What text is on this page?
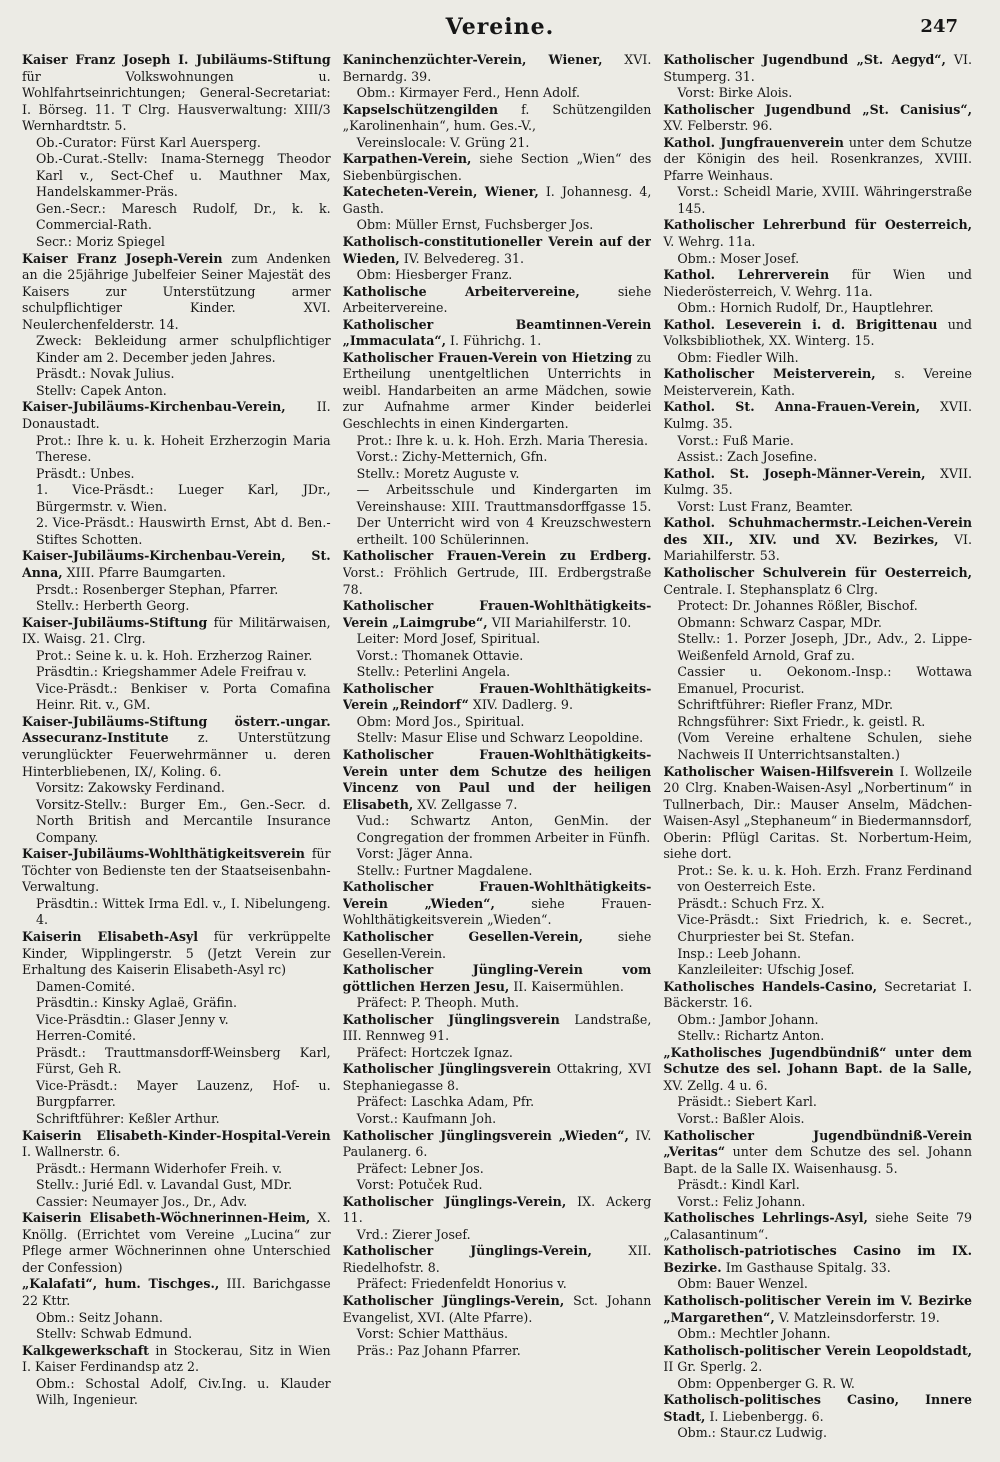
Vereine.	247
Kaiser Franz Joseph I. Jubiläums-Stiftung für Volkswohnungen u. Wohlfahrtseinrichtungen; General-Secretariat: I. Börseg. 11. T Clrg. Hausverwaltung: XIII/3 Wernhardtstr. 5.
Ob.-Curator: Fürst Karl Auersperg.
Ob.-Curat.-Stellv: Inama-Sternegg Theodor Karl v., Sect-Chef u. Mauthner Max, Handelskammer-Präs.
Gen.-Secr.: Maresch Rudolf, Dr., k. k. Commercial-Rath.
Secr.: Moriz Spiegel
Kaiser Franz Joseph-Verein zum Andenken an die 25jährige Jubelfeier Seiner Majestät des Kaisers zur Unterstützung armer schulpflichtiger Kinder. XVI. Neulerchenfelderstr. 14.
Zweck: Bekleidung armer schulpflichtiger Kinder am 2. December jeden Jahres.
Präsdt.: Novak Julius.
Stellv: Capek Anton.
Kaiser-Jubiläums-Kirchenbau-Verein, II. Donaustadt.
Prot.: Ihre k. u. k. Hoheit Erzherzogin Maria Therese.
Präsdt.: Unbes.
1. Vice-Präsdt.: Lueger Karl, JDr., Bürgermstr. v. Wien.
2. Vice-Präsdt.: Hauswirth Ernst, Abt d. Ben.-Stiftes Schotten.
Kaiser-Jubiläums-Kirchenbau-Verein, St. Anna, XIII. Pfarre Baumgarten.
Prsdt.: Rosenberger Stephan, Pfarrer.
Stellv.: Herberth Georg.
Kaiser-Jubiläums-Stiftung für Militärwaisen, IX. Waisg. 21. Clrg.
Prot.: Seine k. u. k. Hoh. Erzherzog Rainer.
Präsdtin.: Kriegshammer Adele Freifrau v.
Vice-Präsdt.: Benkiser v. Porta Comafina Heinr. Rit. v., GM.
Kaiser-Jubiläums-Stiftung österr.-ungar. Assecuranz-Institute z. Unterstützung verunglückter Feuerwehrmänner u. deren Hinterbliebenen, IX/, Koling. 6.
Vorsitz: Zakowsky Ferdinand.
Vorsitz-Stellv.: Burger Em., Gen.-Secr. d. North British and Mercantile Insurance Company.
Kaiser-Jubiläums-Wohlthätigkeitsverein für Töchter von Bedienste ten der Staatseisenbahn-Verwaltung.
Präsdtin.: Wittek Irma Edl. v., I. Nibelungeng. 4.
Kaiserin Elisabeth-Asyl für verkrüppelte Kinder, Wipplingerstr. 5 (Jetzt Verein zur Erhaltung des Kaiserin Elisabeth-Asyl rc)
Damen-Comité.
Präsdtin.: Kinsky Aglaë, Gräfin.
Vice-Präsdtin.: Glaser Jenny v.
Herren-Comité.
Präsdt.: Trauttmansdorff-Weinsberg Karl, Fürst, Geh R.
Vice-Präsdt.: Mayer Lauzenz, Hof- u. Burgpfarrer.
Schriftführer: Keßler Arthur.
Kaiserin Elisabeth-Kinder-Hospital-Verein I. Wallnerstr. 6.
Präsdt.: Hermann Widerhofer Freih. v.
Stellv.: Jurié Edl. v. Lavandal Gust, MDr.
Cassier: Neumayer Jos., Dr., Adv.
Kaiserin Elisabeth-Wöchnerinnen-Heim, X. Knöllg. (Errichtet vom Vereine „Lucina“ zur Pflege armer Wöchnerinnen ohne Unterschied der Confession)
„Kalafati“, hum. Tischges., III. Barichgasse 22 Kttr.
Obm.: Seitz Johann.
Stellv: Schwab Edmund.
Kalkgewerkschaft in Stockerau, Sitz in Wien I. Kaiser Ferdinandsp atz 2.
Obm.: Schostal Adolf, Civ.Ing. u. Klauder Wilh, Ingenieur.
Kaninchenzüchter-Verein, Wiener, XVI. Bernardg. 39.
Obm.: Kirmayer Ferd., Henn Adolf.
Kapselschützengilden f. Schützengilden „Karolinenhain“, hum. Ges.-V.,
Vereinslocale: V. Grüng 21.
Karpathen-Verein, siehe Section „Wien“ des Siebenbürgischen.
Katecheten-Verein, Wiener, I. Johannesg. 4, Gasth.
Obm: Müller Ernst, Fuchsberger Jos.
Katholisch-constitutioneller Verein auf der Wieden, IV. Belvedereg. 31.
Obm: Hiesberger Franz.
Katholische Arbeitervereine,	siehe Arbeitervereine.
Katholischer Beamtinnen-Verein „Immaculata“, I. Führichg. 1.
Katholischer Frauen-Verein von Hietzing zu Ertheilung unentgeltlichen Unterrichts in weibl. Handarbeiten an arme Mädchen, sowie zur Aufnahme armer Kinder beiderlei Geschlechts in einen Kindergarten.
Prot.: Ihre k. u. k. Hoh. Erzh. Maria Theresia.
Vorst.: Zichy-Metternich, Gfn.
Stellv.: Moretz Auguste v.
— Arbeitsschule und Kindergarten im Vereinshause: XIII. Trauttmansdorffgasse 15. Der Unterricht wird von 4 Kreuzschwestern ertheilt. 100 Schülerinnen.
Katholischer Frauen-Verein zu Erdberg. Vorst.: Fröhlich Gertrude, III. Erdbergstraße 78.
Katholischer Frauen-Wohlthätigkeits-Verein „Laimgrube“, VII Mariahilferstr. 10.
Leiter: Mord Josef, Spiritual.
Vorst.: Thomanek Ottavie.
Stellv.: Peterlini Angela.
Katholischer Frauen-Wohlthätigkeits-Verein „Reindorf“ XIV. Dadlerg. 9.
Obm: Mord Jos., Spiritual.
Stellv: Masur Elise und Schwarz Leopoldine.
Katholischer Frauen-Wohlthätigkeits-Verein unter dem Schutze des heiligen Vincenz von Paul und der heiligen Elisabeth, XV. Zellgasse 7.
Vud.: Schwartz Anton, GenMin. der Congregation der frommen Arbeiter in Fünfh.
Vorst: Jäger Anna.
Stellv.: Furtner Magdalene.
Katholischer Frauen-Wohlthätigkeits-Verein „Wieden“,	siehe Frauen-Wohlthätigkeitsverein „Wieden“.
Katholischer Gesellen-Verein,	siehe Gesellen-Verein.
Katholischer Jüngling-Verein vom göttlichen Herzen Jesu, II. Kaisermühlen.
Präfect: P. Theoph. Muth.
Katholischer Jünglingsverein Landstraße, III. Rennweg 91.
Präfect: Hortczek Ignaz.
Katholischer Jünglingsverein Ottakring, XVI Stephaniegasse 8.
Präfect: Laschka Adam, Pfr.
Vorst.: Kaufmann Joh.
Katholischer Jünglingsverein „Wieden“, IV. Paulanerg. 6.
Präfect: Lebner Jos.
Vorst: Potuček Rud.
Katholischer Jünglings-Verein, IX. Ackerg 11.
Vrd.: Zierer Josef.
Katholischer Jünglings-Verein,	XII. Riedelhofstr. 8.
Präfect: Friedenfeldt Honorius v.
Katholischer Jünglings-Verein, Sct. Johann Evangelist, XVI. (Alte Pfarre).
Vorst: Schier Matthäus.
Präs.: Paz Johann Pfarrer.
Katholischer Jugendbund „St. Aegyd“, VI. Stumperg. 31.
Vorst: Birke Alois.
Katholischer Jugendbund „St. Canisius“, XV. Felberstr. 96.
Kathol. Jungfrauenverein unter dem Schutze der Königin des heil. Rosenkranzes, XVIII. Pfarre Weinhaus.
Vorst.: Scheidl Marie, XVIII. Währingerstraße 145.
Katholischer Lehrerbund für Oesterreich, V. Wehrg. 11a.
Obm.: Moser Josef.
Kathol. Lehrerverein für Wien und Niederösterreich, V. Wehrg. 11a.
Obm.: Hornich Rudolf, Dr., Hauptlehrer.
Kathol. Leseverein i. d. Brigittenau und Volksbibliothek, XX. Winterg. 15.
Obm: Fiedler Wilh.
Katholischer Meisterverein, s. Vereine Meisterverein, Kath.
Kathol. St. Anna-Frauen-Verein, XVII. Kulmg. 35.
Vorst.: Fuß Marie.
Assist.: Zach Josefine.
Kathol. St. Joseph-Männer-Verein, XVII. Kulmg. 35.
Vorst: Lust Franz, Beamter.
Kathol. Schuhmachermstr.-Leichen-Verein des XII., XIV. und XV. Bezirkes, VI. Mariahilferstr. 53.
Katholischer Schulverein für Oesterreich, Centrale. I. Stephansplatz 6 Clrg.
Protect: Dr. Johannes Rößler, Bischof.
Obmann: Schwarz Caspar, MDr.
Stellv.: 1. Porzer Joseph, JDr., Adv., 2. Lippe-Weißenfeld Arnold, Graf zu.
Cassier u. Oekonom.-Insp.: Wottawa Emanuel, Procurist.
Schriftführer: Riefler Franz, MDr.
Rchngsführer: Sixt Friedr., k. geistl. R.
(Vom Vereine erhaltene Schulen, siehe Nachweis II Unterrichtsanstalten.)
Katholischer Waisen-Hilfsverein I. Wollzeile 20 Clrg. Knaben-Waisen-Asyl „Norbertinum“ in Tullnerbach, Dir.: Mauser Anselm, Mädchen-Waisen-Asyl „Stephaneum“ in Biedermannsdorf, Oberin: Pflügl Caritas. St. Norbertum-Heim, siehe dort.
Prot.: Se. k. u. k. Hoh. Erzh. Franz Ferdinand von Oesterreich Este.
Präsdt.: Schuch Frz. X.
Vice-Präsdt.: Sixt Friedrich, k. e. Secret., Churpriester bei St. Stefan.
Insp.: Leeb Johann.
Kanzleileiter: Ufschig Josef.
Katholisches Handels-Casino, Secretariat I. Bäckerstr. 16.
Obm.: Jambor Johann.
Stellv.: Richartz Anton.
„Katholisches Jugendbündniß“ unter dem Schutze des sel. Johann Bapt. de la Salle, XV. Zellg. 4 u. 6.
Präsidt.: Siebert Karl.
Vorst.: Baßler Alois.
Katholischer Jugendbündniß-Verein „Veritas“ unter dem Schutze des sel. Johann Bapt. de la Salle IX. Waisenhausg. 5.
Präsdt.: Kindl Karl.
Vorst.: Feliz Johann.
Katholisches Lehrlings-Asyl, siehe Seite 79 „Calasantinum“.
Katholisch-patriotisches Casino im IX. Bezirke. Im Gasthause Spitalg. 33.
Obm: Bauer Wenzel.
Katholisch-politischer Verein im V. Bezirke „Margarethen“, V. Matzleinsdorferstr. 19.
Obm.: Mechtler Johann.
Katholisch-politischer Verein Leopoldstadt, II Gr. Sperlg. 2.
Obm: Oppenberger G. R. W.
Katholisch-politisches Casino, Innere Stadt, I. Liebenbergg. 6.
Obm.: Staur.cz Ludwig.
